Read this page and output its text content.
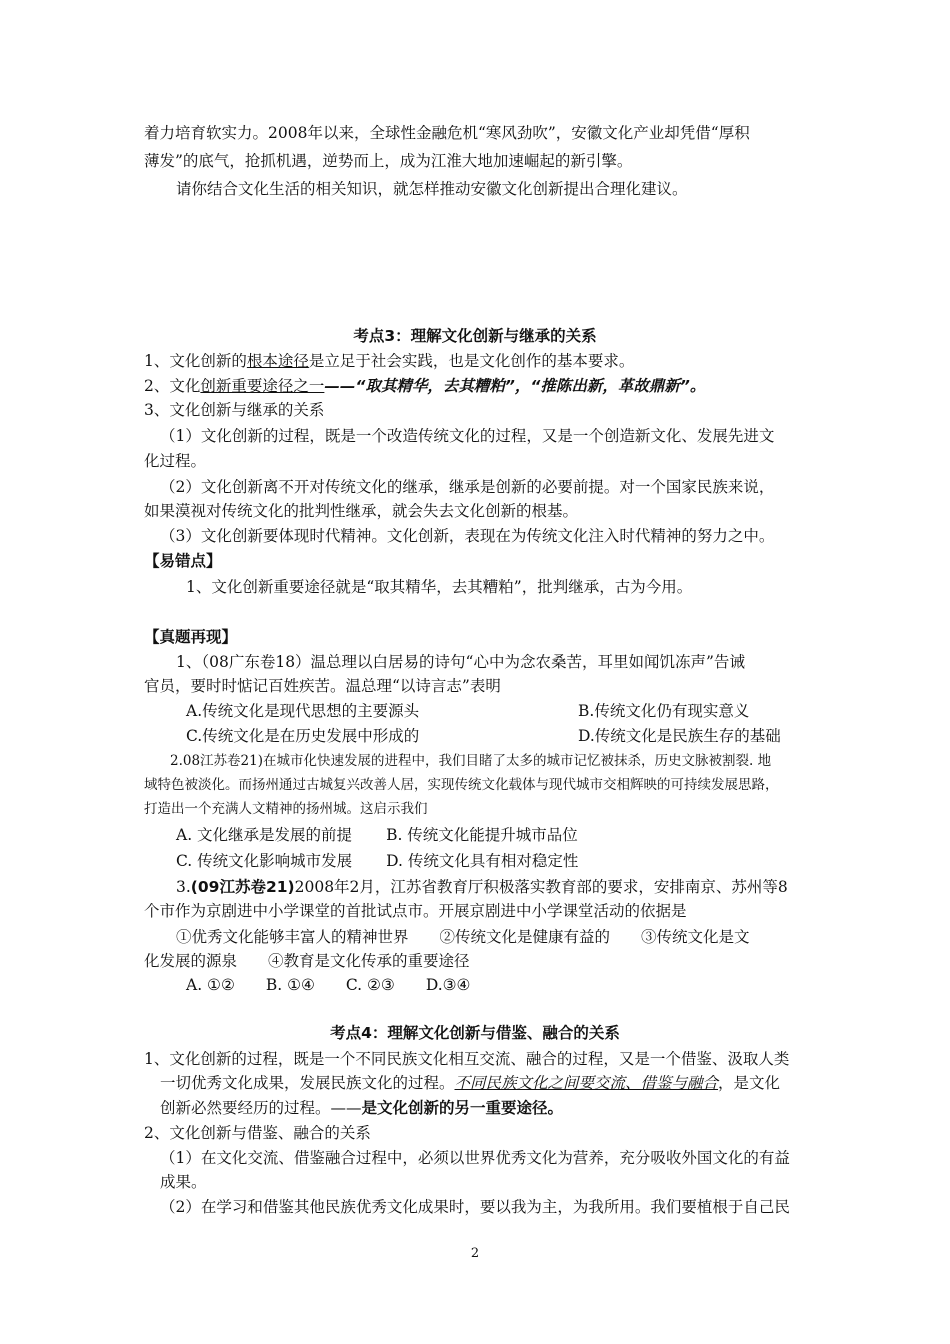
着力培育软实力。2008年以来，全球性金融危机“寒风劲吹”，安徽文化产业却凭借“厚积
薄发”的底气，抢抓机遇，逆势而上，成为江淮大地加速崛起的新引擎。
请你结合文化生活的相关知识，就怎样推动安徽文化创新提出合理化建议。
考点3：理解文化创新与继承的关系
1、文化创新的根本途径是立足于社会实践，也是文化创作的基本要求。
2、文化创新重要途径之一——“取其精华，去其糟粕”，“推陈出新，革故鼎新”。
3、文化创新与继承的关系
（1）文化创新的过程，既是一个改造传统文化的过程，又是一个创造新文化、发展先进文
化过程。
（2）文化创新离不开对传统文化的继承，继承是创新的必要前提。对一个国家民族来说，
如果漠视对传统文化的批判性继承，就会失去文化创新的根基。
（3）文化创新要体现时代精神。文化创新，表现在为传统文化注入时代精神的努力之中。
【易错点】
1、文化创新重要途径就是“取其精华，去其糟粕”，批判继承，古为今用。
【真题再现】
1、（08广东卷18）温总理以白居易的诗句“心中为念农桑苦，耳里如闻饥冻声”告诫
官员，要时时惦记百姓疾苦。温总理“以诗言志”表明
A.传统文化是现代思想的主要源头	B.传统文化仍有现实意义
C.传统文化是在历史发展中形成的	D.传统文化是民族生存的基础
2.08江苏卷21)在城市化快速发展的进程中，我们目睹了太多的城市记忆被抹杀，历史文脉被割裂. 地
域特色被淡化。而扬州通过古城复兴改善人居，实现传统文化载体与现代城市交相辉映的可持续发展思路，
打造出一个充满人文精神的扬州城。这启示我们
A. 文化继承是发展的前提 B. 传统文化能提升城市品位
C. 传统文化影响城市发展 D. 传统文化具有相对稳定性
3.(09江苏卷21)2008年2月，江苏省教育厅积极落实教育部的要求，安排南京、苏州等8
个市作为京剧进中小学课堂的首批试点市。开展京剧进中小学课堂活动的依据是
①优秀文化能够丰富人的精神世界　　②传统文化是健康有益的　　③传统文化是文
化发展的源泉　　④教育是文化传承的重要途径
A. ①②　　B. ①④　　C. ②③　　D.③④
考点4：理解文化创新与借鉴、融合的关系
1、文化创新的过程，既是一个不同民族文化相互交流、融合的过程，又是一个借鉴、汲取人类
一切优秀文化成果，发展民族文化的过程。不同民族文化之间要交流、借鉴与融合，是文化
创新必然要经历的过程。——是文化创新的另一重要途径。
2、文化创新与借鉴、融合的关系
（1）在文化交流、借鉴融合过程中，必须以世界优秀文化为营养，充分吸收外国文化的有益
成果。
（2）在学习和借鉴其他民族优秀文化成果时，要以我为主，为我所用。我们要植根于自己民
2
